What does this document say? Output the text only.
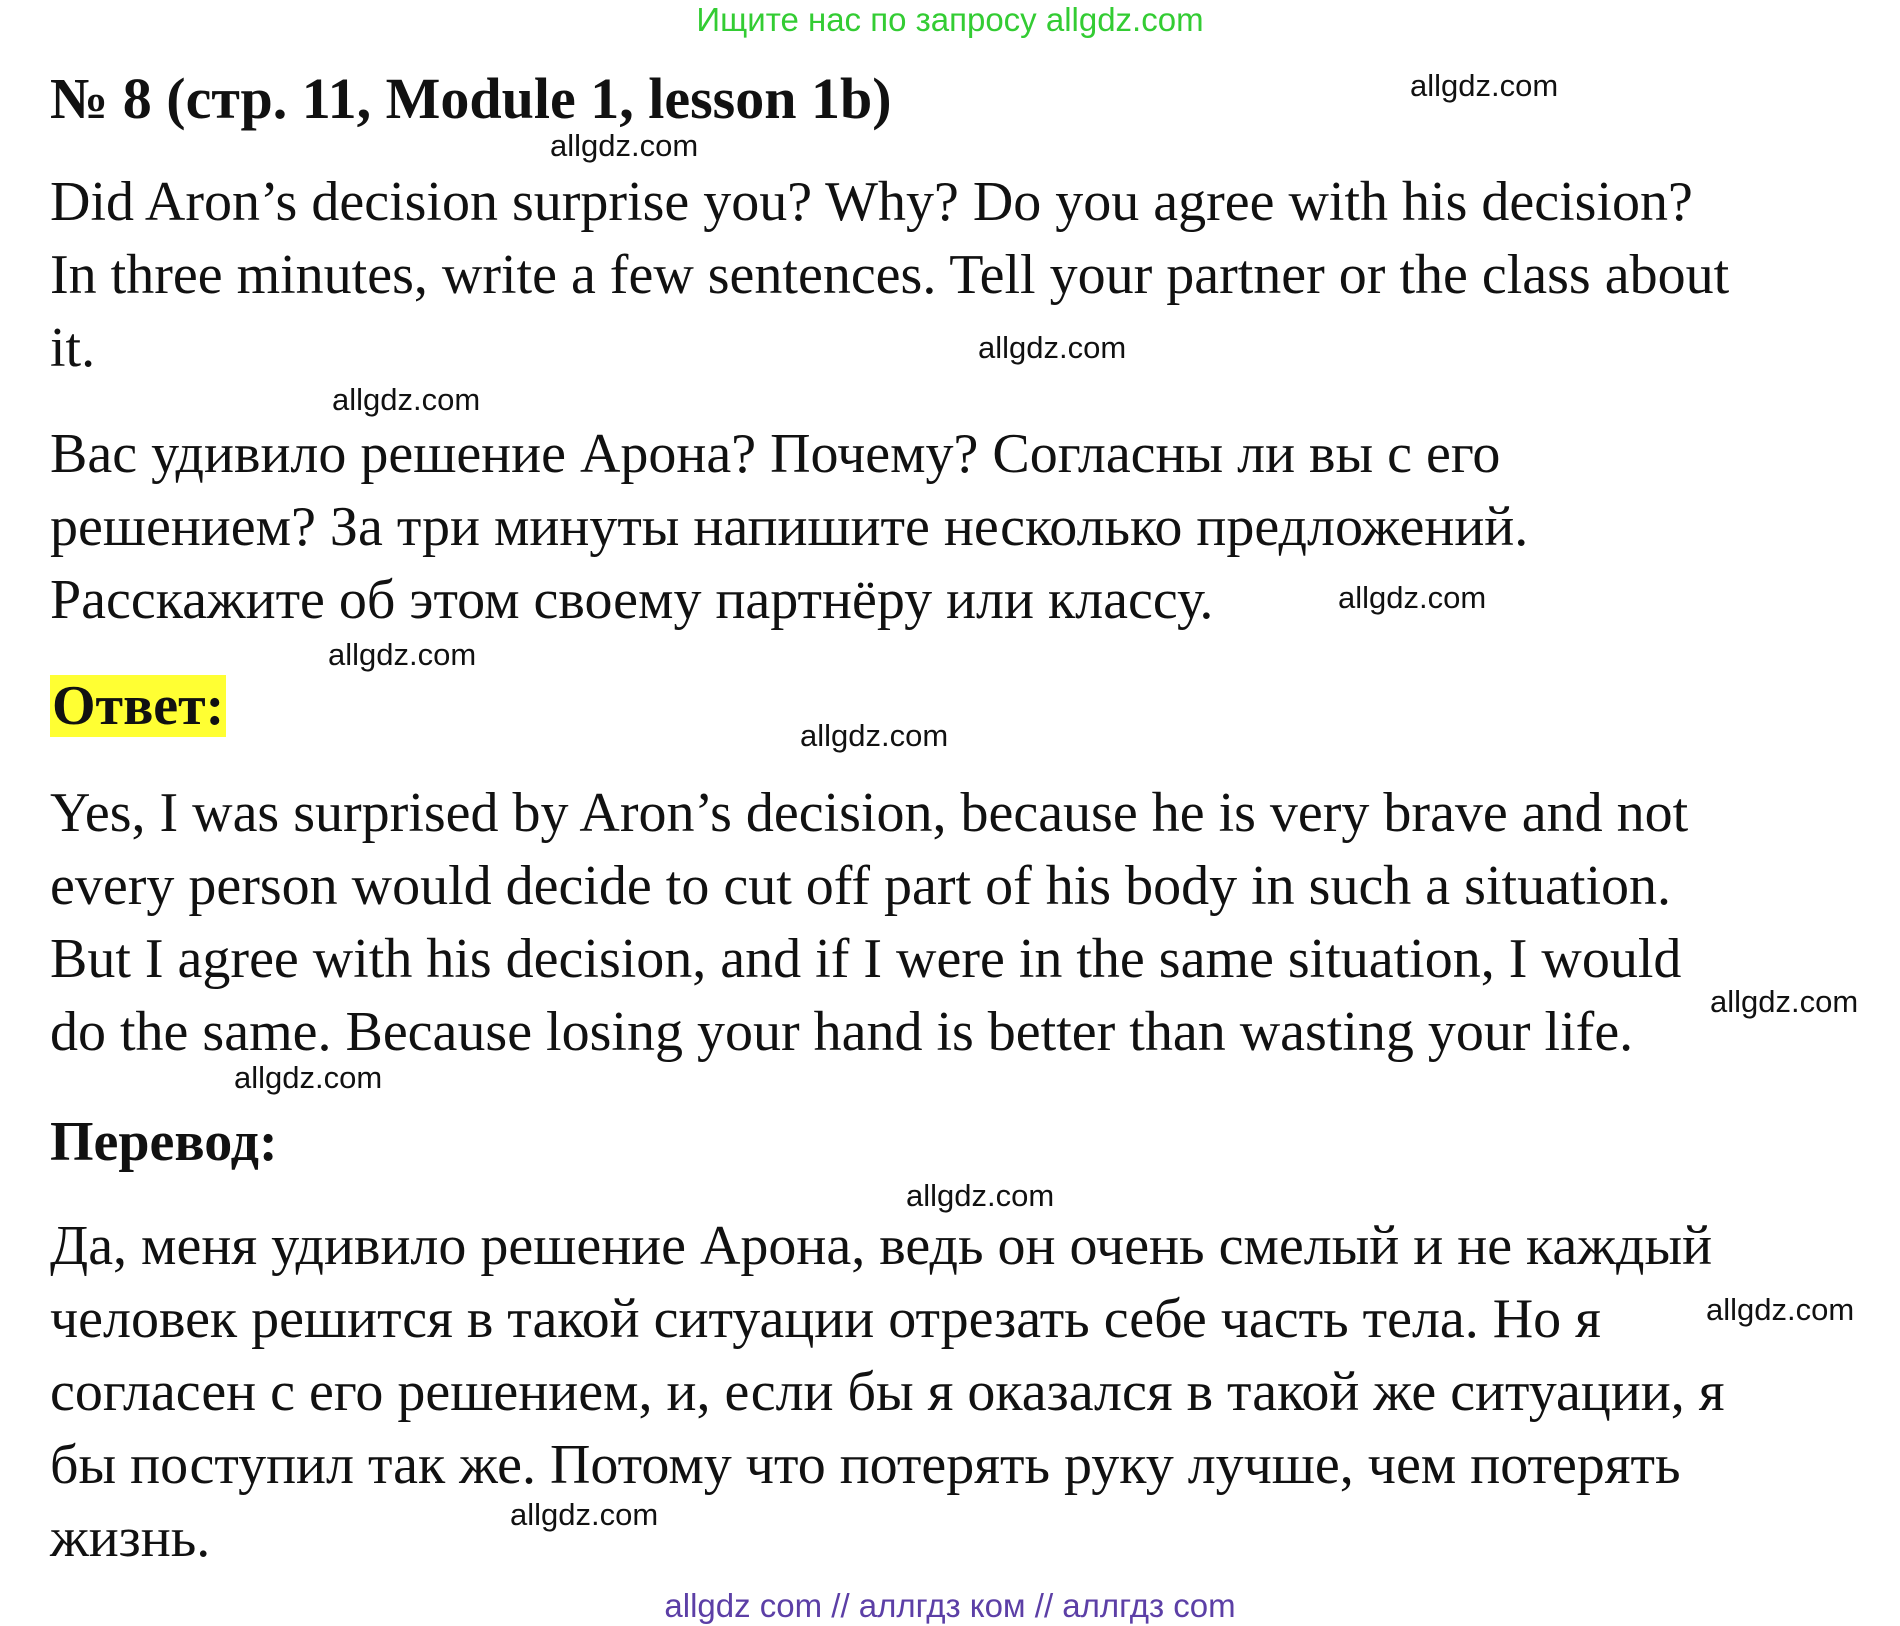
Ищите нас по запросу allgdz.com
№ 8 (стр. 11, Module 1, lesson 1b)

Did Aron’s decision surprise you? Why? Do you agree with his decision?
In three minutes, write a few sentences. Tell your partner or the class about
it.

Вас удивило решение Арона? Почему? Согласны ли вы с его
решением? За три минуты напишите несколько предложений.
Расскажите об этом своему партнёру или классу.

Ответ:

Yes, I was surprised by Aron’s decision, because he is very brave and not
every person would decide to cut off part of his body in such a situation.
But I agree with his decision, and if I were in the same situation, I would
do the same. Because losing your hand is better than wasting your life.

Перевод:

Да, меня удивило решение Арона, ведь он очень смелый и не каждый
человек решится в такой ситуации отрезать себе часть тела. Но я
согласен с его решением, и, если бы я оказался в такой же ситуации, я
бы поступил так же. Потому что потерять руку лучше, чем потерять
жизнь.

allgdz.com
allgdz.com
allgdz.com
allgdz.com
allgdz.com
allgdz.com
allgdz.com
allgdz.com
allgdz.com
allgdz.com
allgdz.com
allgdz.com
allgdz com // аллгдз ком // аллгдз com
